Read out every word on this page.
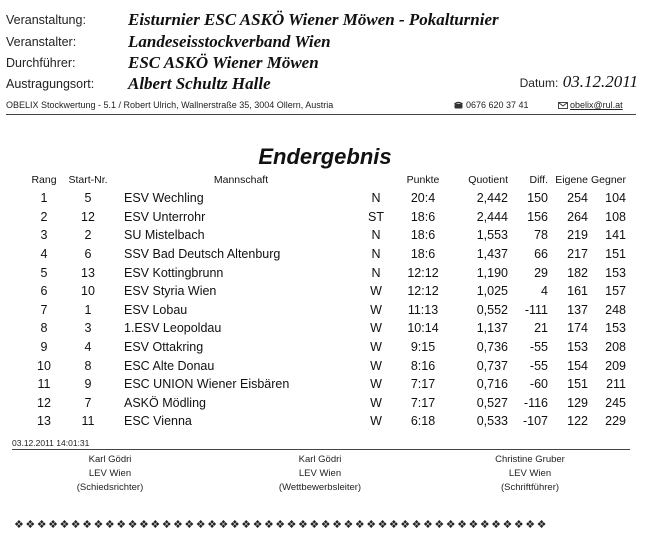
Veranstaltung: Eisturnier ESC ASKÖ Wiener Möwen - Pokalturnier
Veranstalter:	Landeseisstockverband Wien
Durchführer:	ESC ASKÖ Wiener Möwen
Austragungsort: Albert Schultz Halle	Datum: 03.12.2011
OBELIX Stockwertung - 5.1 / Robert Ulrich, Wallnerstraße 35, 3004 Ollern, Austria	0676 620 37 41	obelix@rul.at
Endergebnis
Rang	Start-Nr.	Mannschaft		Punkte	Quotient	Diff.	Eigene	Gegner
1	5	ESV Wechling	N	20:4	2,442	150	254	104
2	12	ESV Unterrohr	ST	18:6	2,444	156	264	108
3	2	SU Mistelbach	N	18:6	1,553	78	219	141
4	6	SSV Bad Deutsch Altenburg	N	18:6	1,437	66	217	151
5	13	ESV Kottingbrunn	N	12:12	1,190	29	182	153
6	10	ESV Styria Wien	W	12:12	1,025	4	161	157
7	1	ESV Lobau	W	11:13	0,552	-111	137	248
8	3	1.ESV Leopoldau	W	10:14	1,137	21	174	153
9	4	ESV Ottakring	W	9:15	0,736	-55	153	208
10	8	ESC Alte Donau	W	8:16	0,737	-55	154	209
11	9	ESC UNION Wiener Eisbären	W	7:17	0,716	-60	151	211
12	7	ASKÖ Mödling	W	7:17	0,527	-116	129	245
13	11	ESC Vienna	W	6:18	0,533	-107	122	229
03.12.2011 14:01:31
Karl Gödri
LEV Wien
(Schiedsrichter)
Karl Gödri
LEV Wien
(Wettbewerbsleiter)
Christine Gruber
LEV Wien
(Schriftführer)
❖❖❖❖❖❖❖❖❖❖❖❖❖❖❖❖❖❖❖❖❖❖❖❖❖❖❖❖❖❖❖❖❖❖❖❖❖❖❖❖❖❖❖❖❖❖❖
